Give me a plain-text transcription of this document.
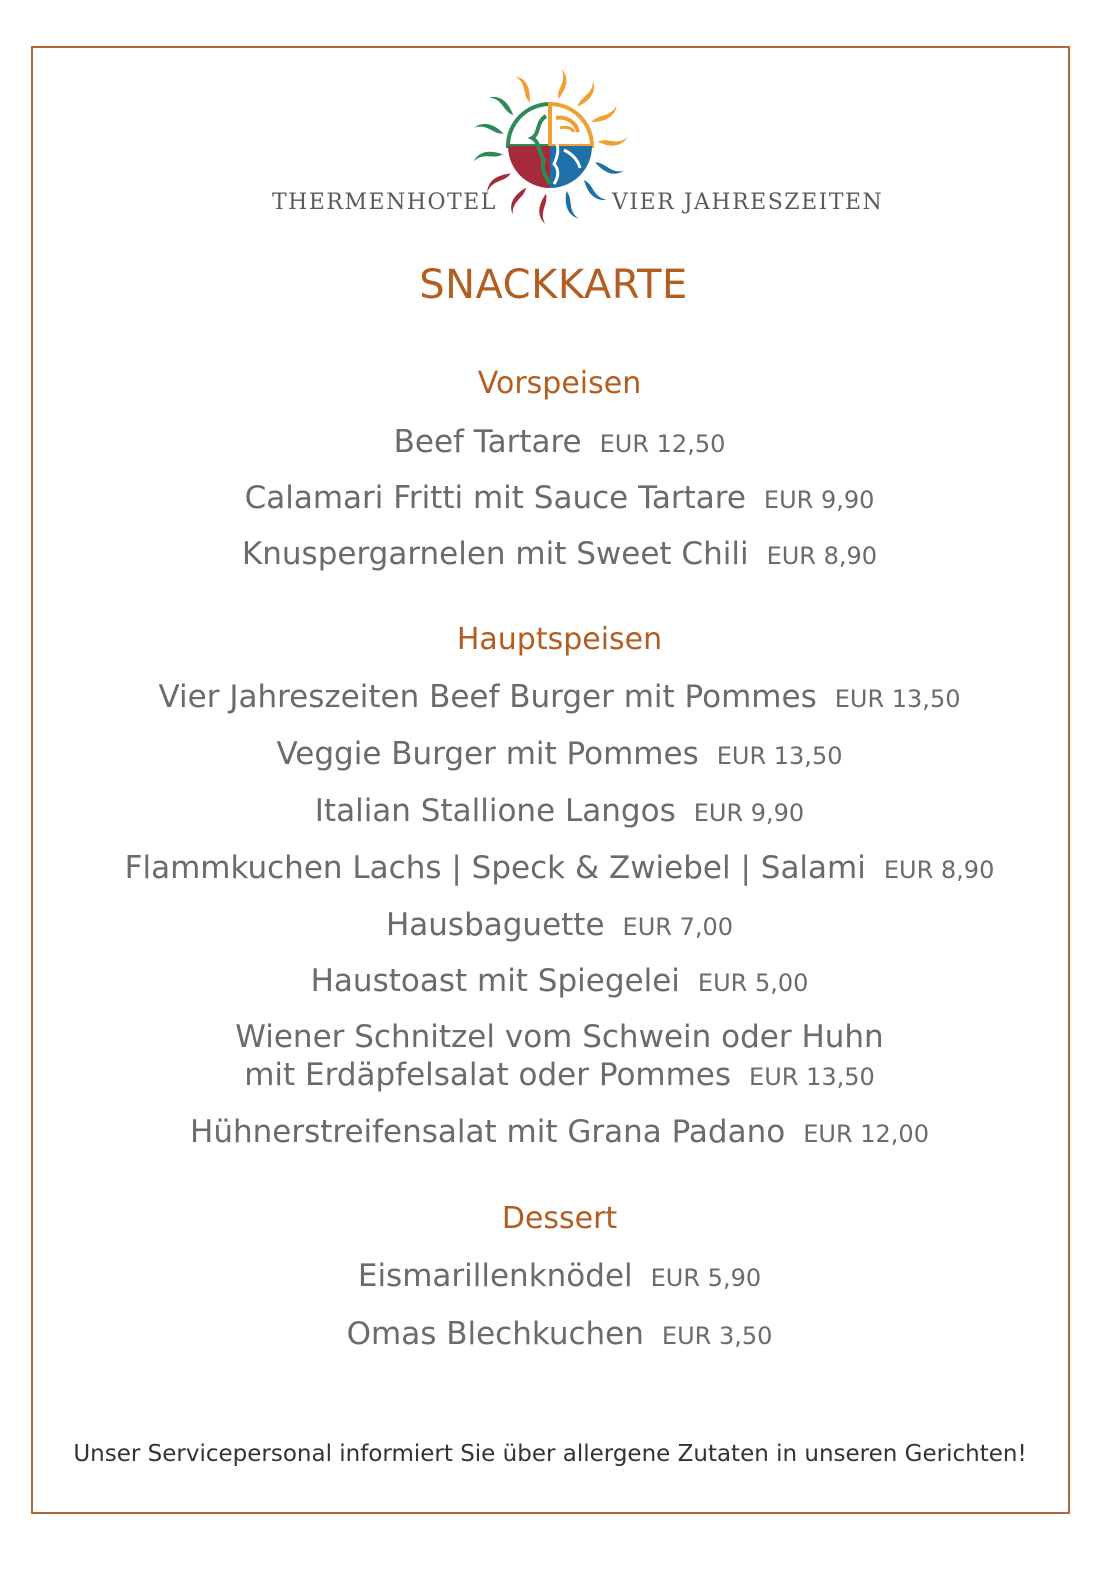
THERMENHOTEL	VIER JAHRESZEITEN
SNACKKARTE
Vorspeisen
Beef Tartare EUR 12,50
Calamari Fritti mit Sauce Tartare EUR 9,90
Knuspergarnelen mit Sweet Chili EUR 8,90
Hauptspeisen
Vier Jahreszeiten Beef Burger mit Pommes EUR 13,50
Veggie Burger mit Pommes EUR 13,50
Italian Stallione Langos EUR 9,90
Flammkuchen Lachs | Speck & Zwiebel | Salami EUR 8,90
Hausbaguette EUR 7,00
Haustoast mit Spiegelei EUR 5,00
Wiener Schnitzel vom Schwein oder Huhn
mit Erdäpfelsalat oder Pommes EUR 13,50
Hühnerstreifensalat mit Grana Padano EUR 12,00
Dessert
Eismarillenknödel EUR 5,90
Omas Blechkuchen EUR 3,50
Unser Servicepersonal informiert Sie über allergene Zutaten in unseren Gerichten!
